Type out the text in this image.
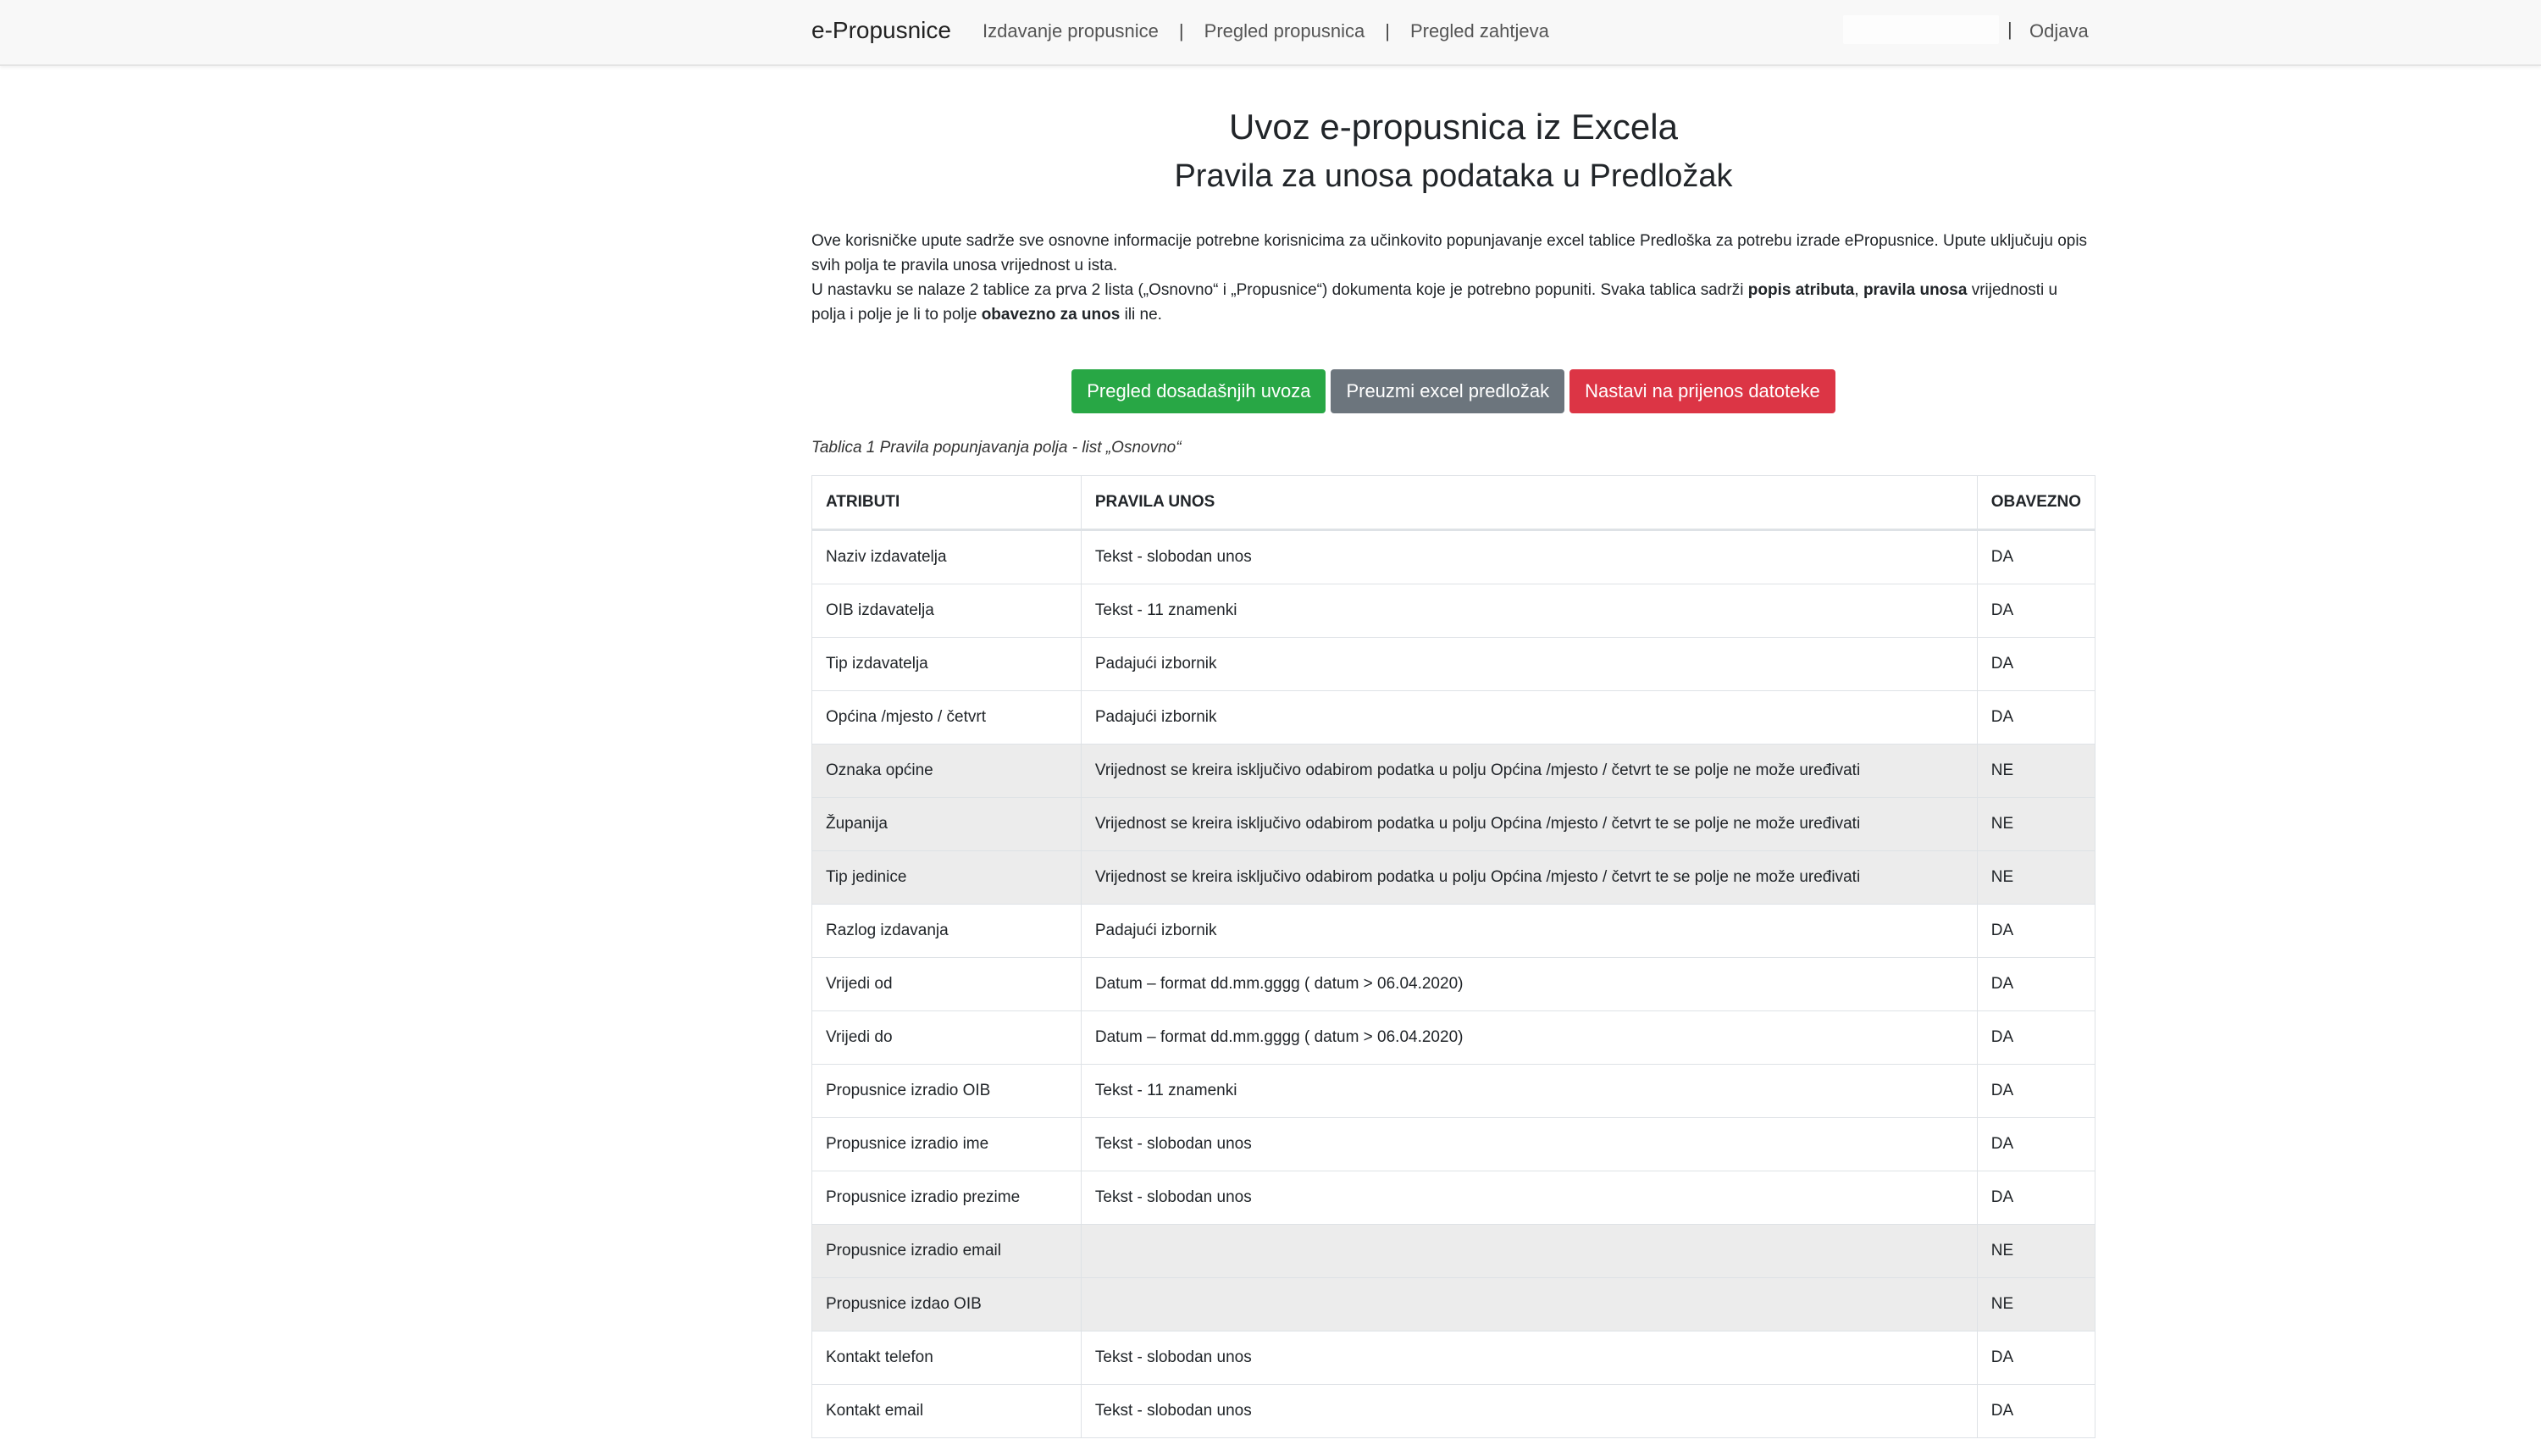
e-Propusnice Izdavanje propusnice | Pregled propusnica | Pregled zahtjeva	| Odjava
Uvoz e-propusnica iz Excela
Pravila za unosa podataka u Predložak

Ove korisničke upute sadrže sve osnovne informacije potrebne korisnicima za učinkovito popunjavanje excel tablice Predloška za potrebu izrade ePropusnice. Upute uključuju opis svih polja te pravila unosa vrijednost u ista.

U nastavku se nalaze 2 tablice za prva 2 lista („Osnovno“ i „Propusnice“) dokumenta koje je potrebno popuniti. Svaka tablica sadrži popis atributa, pravila unosa vrijednosti u polja i polje je li to polje obavezno za unos ili ne.

Pregled dosadašnjih uvoza	Preuzmi excel predložak	Nastavi na prijenos datoteke
Tablica 1 Pravila popunjavanja polja - list „Osnovno“
ATRIBUTI	PRAVILA UNOS	OBAVEZNO
Naziv izdavatelja	Tekst - slobodan unos	DA
OIB izdavatelja	Tekst - 11 znamenki	DA
Tip izdavatelja	Padajući izbornik	DA
Općina /mjesto / četvrt	Padajući izbornik	DA
Oznaka općine	Vrijednost se kreira isključivo odabirom podatka u polju Općina /mjesto / četvrt te se polje ne može uređivati	NE
Županija	Vrijednost se kreira isključivo odabirom podatka u polju Općina /mjesto / četvrt te se polje ne može uređivati	NE
Tip jedinice	Vrijednost se kreira isključivo odabirom podatka u polju Općina /mjesto / četvrt te se polje ne može uređivati	NE
Razlog izdavanja	Padajući izbornik	DA
Vrijedi od	Datum – format dd.mm.gggg ( datum > 06.04.2020)	DA
Vrijedi do	Datum – format dd.mm.gggg ( datum > 06.04.2020)	DA
Propusnice izradio OIB	Tekst - 11 znamenki	DA
Propusnice izradio ime	Tekst - slobodan unos	DA
Propusnice izradio prezime	Tekst - slobodan unos	DA
Propusnice izradio email		NE
Propusnice izdao OIB		NE
Kontakt telefon	Tekst - slobodan unos	DA
Kontakt email	Tekst - slobodan unos	DA
